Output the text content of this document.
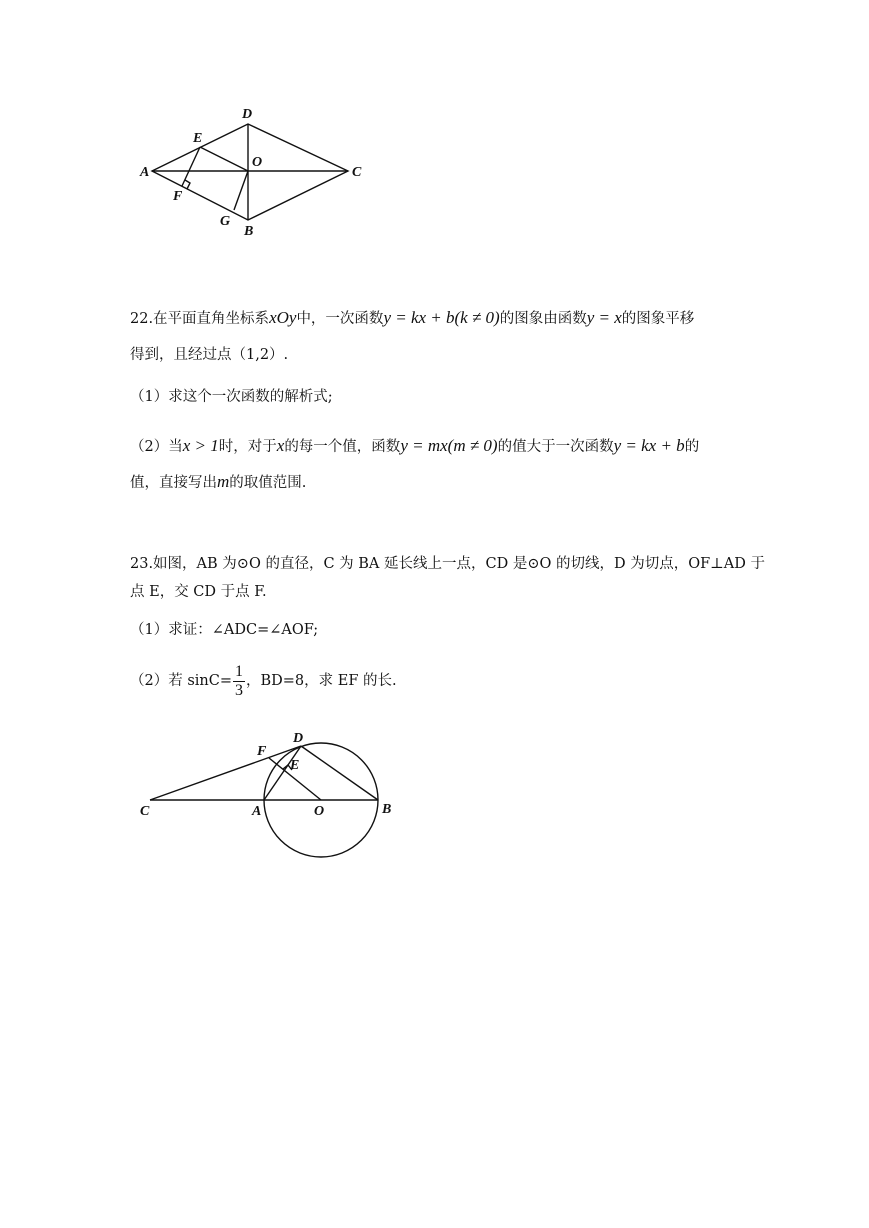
A
D
C
B
E
F
G
O
22.在平面直角坐标系xOy中，一次函数y = kx + b(k ≠ 0)的图象由函数y = x的图象平移
得到，且经过点（1,2）.
（1）求这个一次函数的解析式;
（2）当x > 1时，对于x的每一个值，函数y = mx(m ≠ 0)的值大于一次函数y = kx + b的
值，直接写出m的取值范围.
23.如图，AB 为⊙O 的直径，C 为 BA 延长线上一点，CD 是⊙O 的切线，D 为切点，OF⊥AD 于
点 E，交 CD 于点 F.
（1）求证：∠ADC=∠AOF;
（2）若 $\sin C= \frac{1}{3}$ ，BD=8，求 EF 的长.
C	A	O	B
F
D
E
